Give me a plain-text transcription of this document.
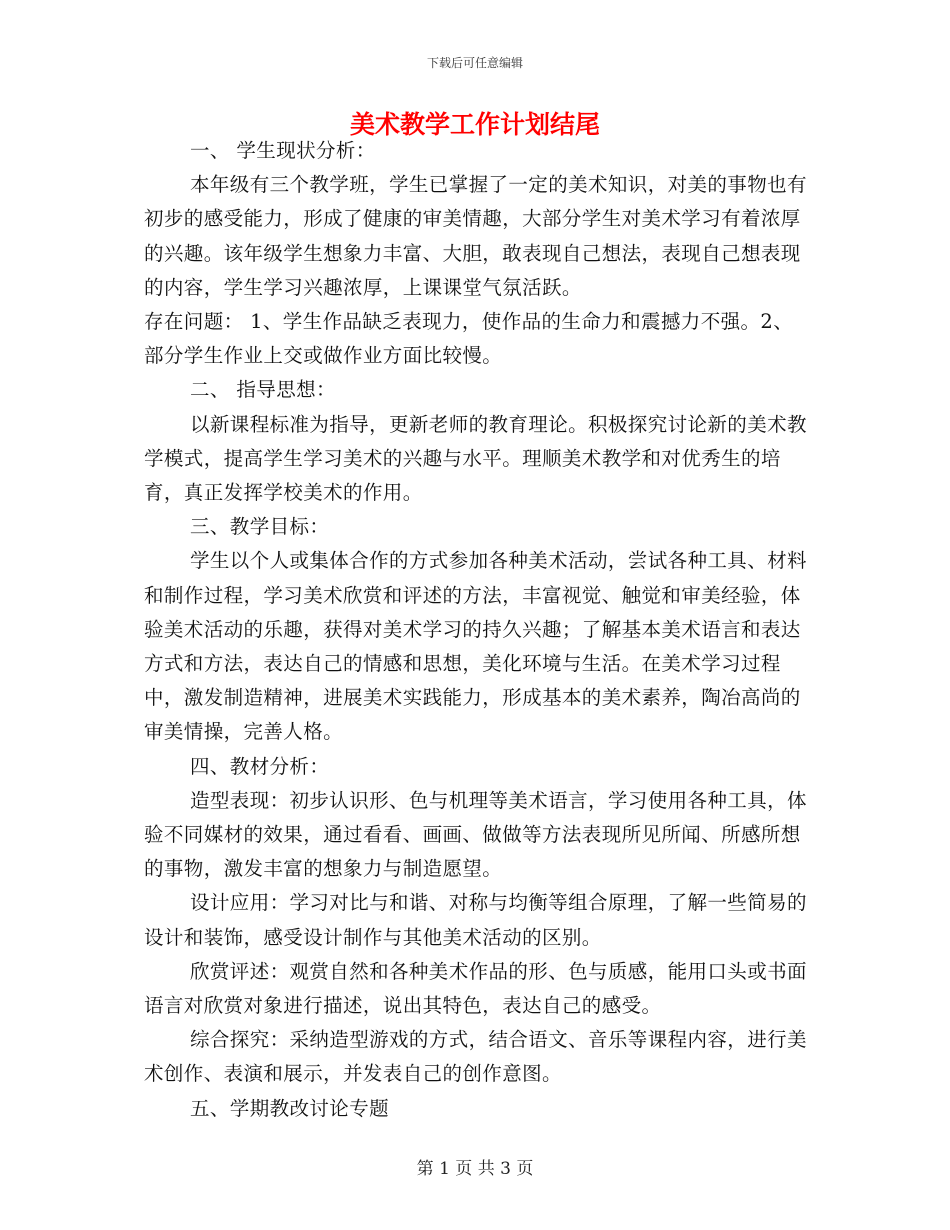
下载后可任意编辑
美术教学工作计划结尾

一、 学生现状分析：

本年级有三个教学班，学生已掌握了一定的美术知识，对美的事物也有初步的感受能力，形成了健康的审美情趣，大部分学生对美术学习有着浓厚的兴趣。该年级学生想象力丰富、大胆，敢表现自己想法，表现自己想表现的内容，学生学习兴趣浓厚，上课课堂气氛活跃。

存在问题： 1、学生作品缺乏表现力，使作品的生命力和震撼力不强。2、部分学生作业上交或做作业方面比较慢。

二、 指导思想：

以新课程标准为指导，更新老师的教育理论。积极探究讨论新的美术教学模式，提高学生学习美术的兴趣与水平。理顺美术教学和对优秀生的培育，真正发挥学校美术的作用。

三、教学目标：

学生以个人或集体合作的方式参加各种美术活动，尝试各种工具、材料和制作过程，学习美术欣赏和评述的方法，丰富视觉、触觉和审美经验，体验美术活动的乐趣，获得对美术学习的持久兴趣；了解基本美术语言和表达方式和方法，表达自己的情感和思想，美化环境与生活。在美术学习过程中，激发制造精神，进展美术实践能力，形成基本的美术素养，陶冶高尚的审美情操，完善人格。

四、教材分析：

造型表现：初步认识形、色与机理等美术语言，学习使用各种工具，体验不同媒材的效果，通过看看、画画、做做等方法表现所见所闻、所感所想的事物，激发丰富的想象力与制造愿望。

设计应用：学习对比与和谐、对称与均衡等组合原理，了解一些简易的设计和装饰，感受设计制作与其他美术活动的区别。

欣赏评述：观赏自然和各种美术作品的形、色与质感，能用口头或书面语言对欣赏对象进行描述，说出其特色，表达自己的感受。

综合探究：采纳造型游戏的方式，结合语文、音乐等课程内容，进行美术创作、表演和展示，并发表自己的创作意图。

五、学期教改讨论专题

第 1 页 共 3 页
